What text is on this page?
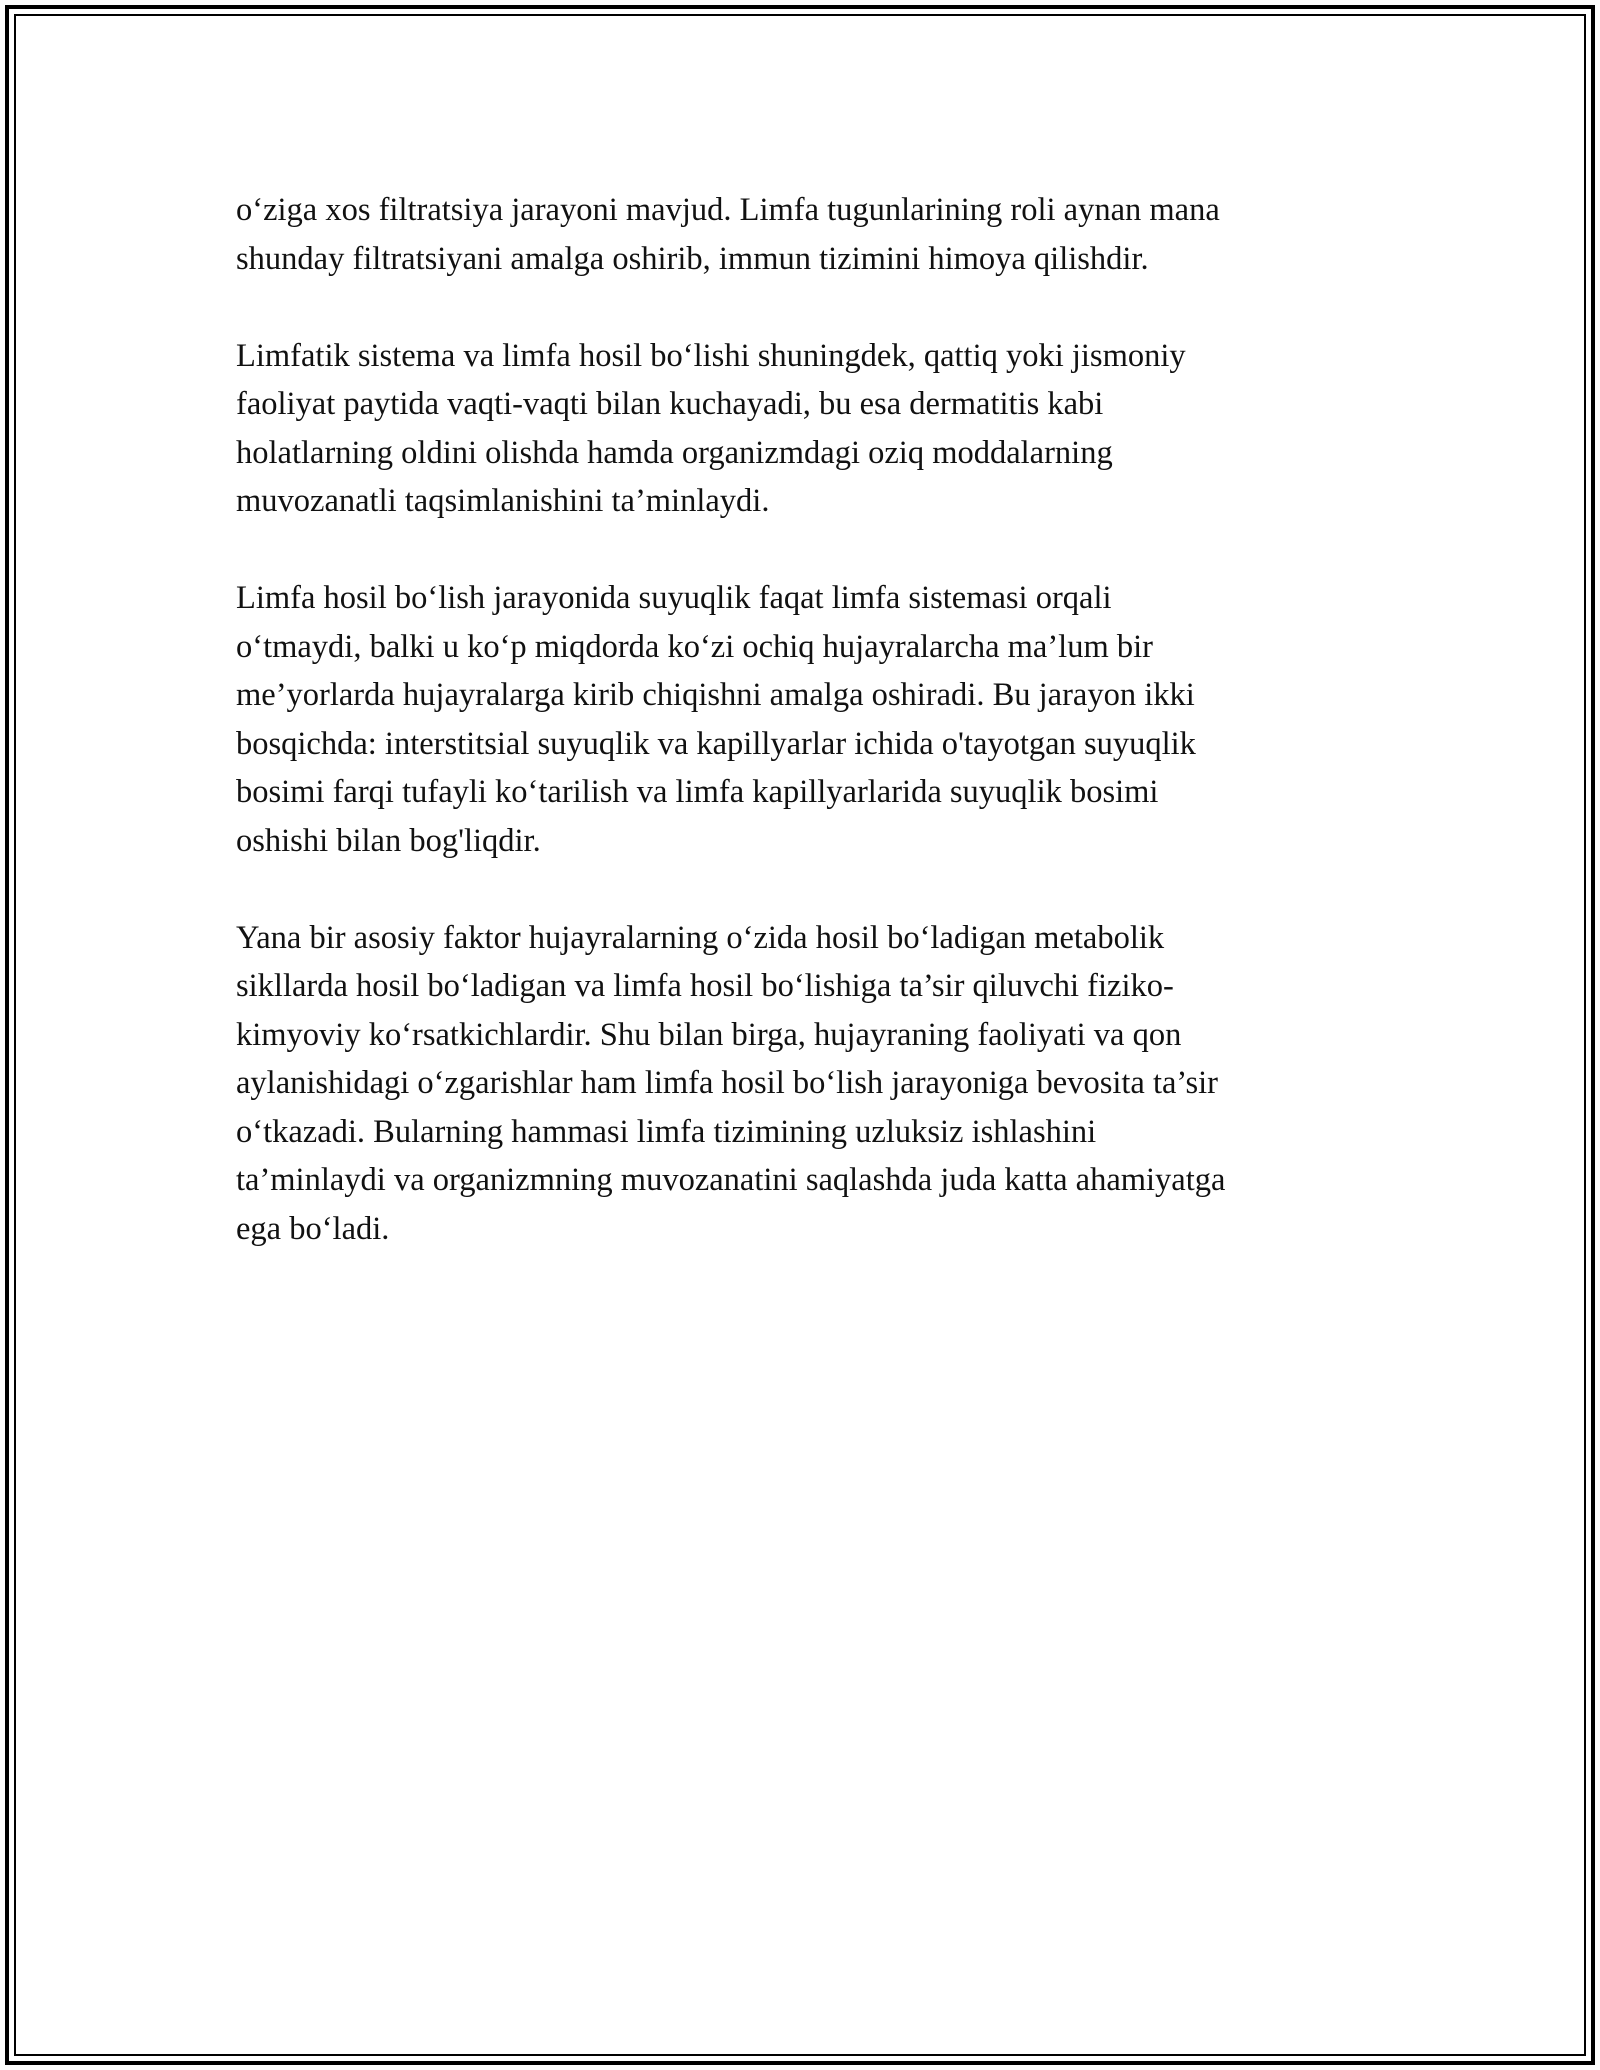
o‘ziga xos filtratsiya jarayoni mavjud. Limfa tugunlarining roli aynan mana
shunday filtratsiyani amalga oshirib, immun tizimini himoya qilishdir.

Limfatik sistema va limfa hosil bo‘lishi shuningdek, qattiq yoki jismoniy
faoliyat paytida vaqti-vaqti bilan kuchayadi, bu esa dermatitis kabi
holatlarning oldini olishda hamda organizmdagi oziq moddalarning
muvozanatli taqsimlanishini ta’minlaydi.

Limfa hosil bo‘lish jarayonida suyuqlik faqat limfa sistemasi orqali
o‘tmaydi, balki u ko‘p miqdorda ko‘zi ochiq hujayralarcha ma’lum bir
me’yorlarda hujayralarga kirib chiqishni amalga oshiradi. Bu jarayon ikki
bosqichda: interstitsial suyuqlik va kapillyarlar ichida o'tayotgan suyuqlik
bosimi farqi tufayli ko‘tarilish va limfa kapillyarlarida suyuqlik bosimi
oshishi bilan bog'liqdir.

Yana bir asosiy faktor hujayralarning o‘zida hosil bo‘ladigan metabolik
sikllarda hosil bo‘ladigan va limfa hosil bo‘lishiga ta’sir qiluvchi fiziko-
kimyoviy ko‘rsatkichlardir. Shu bilan birga, hujayraning faoliyati va qon
aylanishidagi o‘zgarishlar ham limfa hosil bo‘lish jarayoniga bevosita ta’sir
o‘tkazadi. Bularning hammasi limfa tizimining uzluksiz ishlashini
ta’minlaydi va organizmning muvozanatini saqlashda juda katta ahamiyatga
ega bo‘ladi.
